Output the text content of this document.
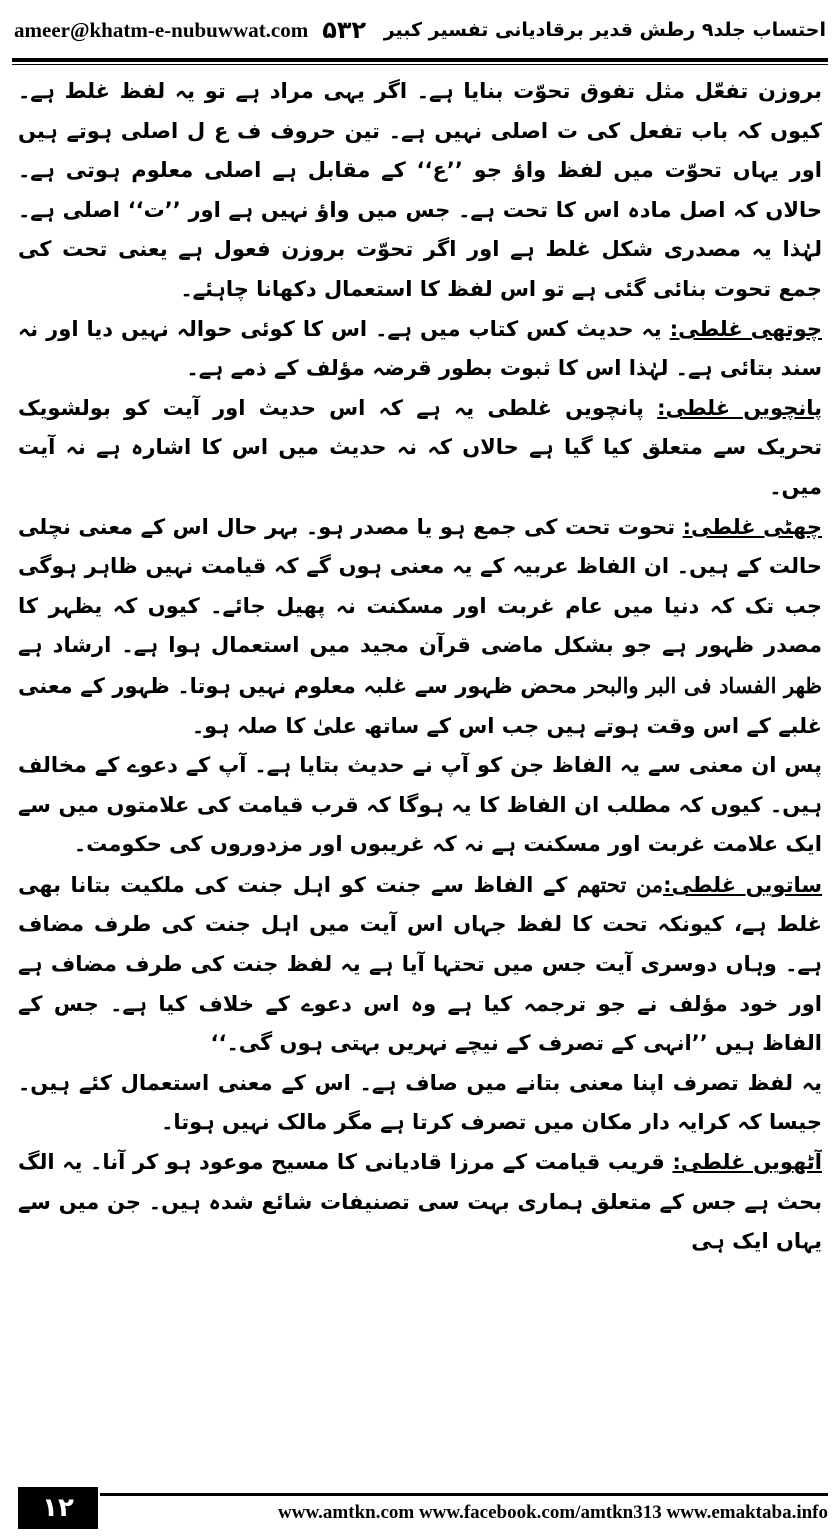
ameer@khatm-e-nubuwwat.com ۵۳۲ احتساب جلد۹ رطش قدیر برقادیانی تفسیر کبیر

بروزن تفعّل مثل تفوق تحوّت بنایا ہے۔ اگر یہی مراد ہے تو یہ لفظ غلط ہے۔ کیوں کہ باب تفعل کی ت اصلی نہیں ہے۔ تین حروف ف ع ل اصلی ہوتے ہیں اور یہاں تحوّت میں لفظ واؤ جو ’’ع‘‘ کے مقابل ہے اصلی معلوم ہوتی ہے۔ حالاں کہ اصل مادہ اس کا تحت ہے۔ جس میں واؤ نہیں ہے اور ’’ت‘‘ اصلی ہے۔ لہٰذا یہ مصدری شکل غلط ہے اور اگر تحوّت بروزن فعول ہے یعنی تحت کی جمع تحوت بنائی گئی ہے تو اس لفظ کا استعمال دکھانا چاہئے۔

چوتھی غلطی: یہ حدیث کس کتاب میں ہے۔ اس کا کوئی حوالہ نہیں دیا اور نہ سند بتائی ہے۔ لہٰذا اس کا ثبوت بطور قرضہ مؤلف کے ذمے ہے۔

پانچویں غلطی: پانچویں غلطی یہ ہے کہ اس حدیث اور آیت کو بولشویک تحریک سے متعلق کیا گیا ہے حالاں کہ نہ حدیث میں اس کا اشارہ ہے نہ آیت میں۔

چھٹی غلطی: تحوت تحت کی جمع ہو یا مصدر ہو۔ بہر حال اس کے معنی نچلی حالت کے ہیں۔ ان الفاظ عربیہ کے یہ معنی ہوں گے کہ قیامت نہیں ظاہر ہوگی جب تک کہ دنیا میں عام غربت اور مسکنت نہ پھیل جائے۔ کیوں کہ یظہر کا مصدر ظہور ہے جو بشکل ماضی قرآن مجید میں استعمال ہوا ہے۔ ارشاد ہے ظهر الفساد فى البر والبحر محض ظہور سے غلبہ معلوم نہیں ہوتا۔ ظہور کے معنی غلبے کے اس وقت ہوتے ہیں جب اس کے ساتھ علیٰ کا صلہ ہو۔

پس ان معنی سے یہ الفاظ جن کو آپ نے حدیث بتایا ہے۔ آپ کے دعوے کے مخالف ہیں۔ کیوں کہ مطلب ان الفاظ کا یہ ہوگا کہ قرب قیامت کی علامتوں میں سے ایک علامت غربت اور مسکنت ہے نہ کہ غریبوں اور مزدوروں کی حکومت۔

ساتویں غلطی:من تحتهم کے الفاظ سے جنت کو اہل جنت کی ملکیت بتانا بھی غلط ہے، کیونکہ تحت کا لفظ جہاں اس آیت میں اہل جنت کی طرف مضاف ہے۔ وہاں دوسری آیت جس میں تحتہا آیا ہے یہ لفظ جنت کی طرف مضاف ہے اور خود مؤلف نے جو ترجمہ کیا ہے وہ اس دعوے کے خلاف کیا ہے۔ جس کے الفاظ ہیں ’’انہی کے تصرف کے نیچے نہریں بہتی ہوں گی۔‘‘

یہ لفظ تصرف اپنا معنی بتانے میں صاف ہے۔ اس کے معنی استعمال کئے ہیں۔ جیسا کہ کرایہ دار مکان میں تصرف کرتا ہے مگر مالک نہیں ہوتا۔

آٹھویں غلطی: قریب قیامت کے مرزا قادیانی کا مسیح موعود ہو کر آنا۔ یہ الگ بحث ہے جس کے متعلق ہماری بہت سی تصنیفات شائع شدہ ہیں۔ جن میں سے یہاں ایک ہی

۱۲	www.amtkn.com www.facebook.com/amtkn313 www.emaktaba.info
